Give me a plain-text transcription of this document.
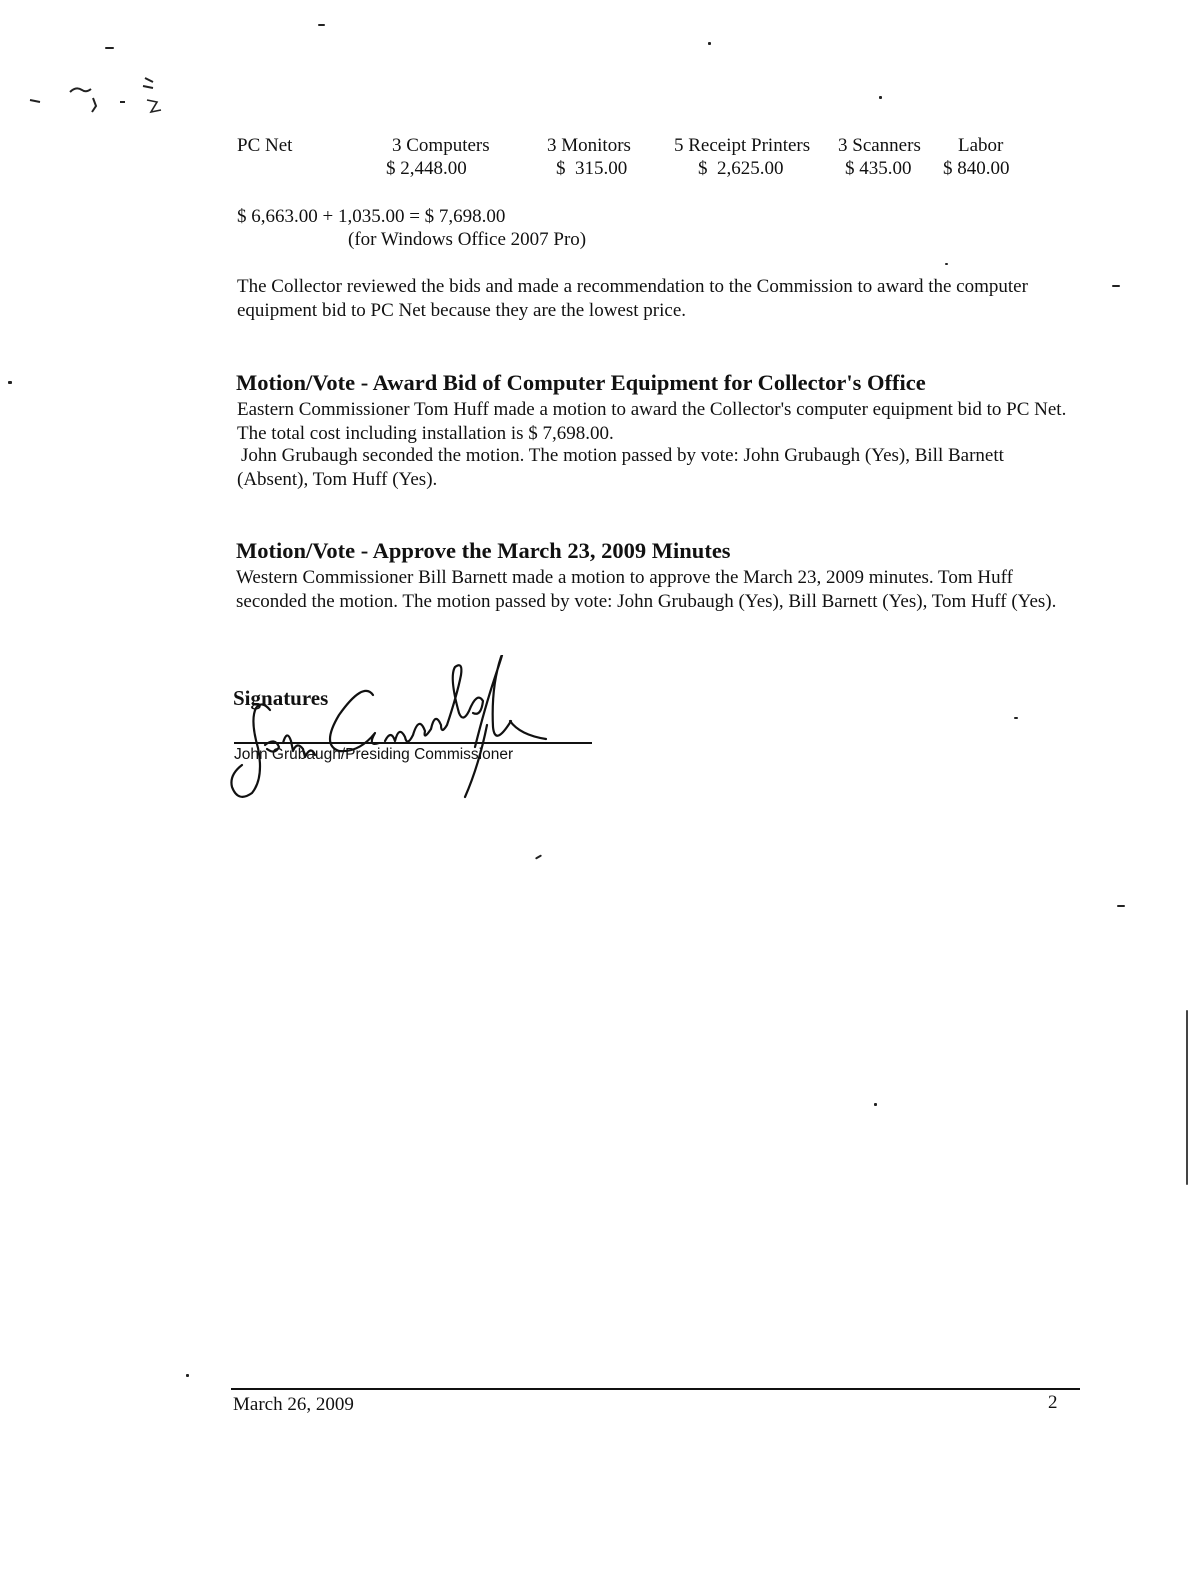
PC Net	3 Computers
$ 2,448.00
3 Monitors
$  315.00
5 Receipt Printers
$  2,625.00
3 Scanners
$ 435.00
Labor
$ 840.00
$ 6,663.00 + 1,035.00 = $ 7,698.00
(for Windows Office 2007 Pro)
The Collector reviewed the bids and made a recommendation to the Commission to award the computer equipment bid to PC Net because they are the lowest price.
Motion/Vote - Award Bid of Computer Equipment for Collector's Office
Eastern Commissioner Tom Huff made a motion to award the Collector's computer equipment bid to PC Net. The total cost including installation is $ 7,698.00.
John Grubaugh seconded the motion. The motion passed by vote: John Grubaugh (Yes), Bill Barnett (Absent), Tom Huff (Yes).
Motion/Vote - Approve the March 23, 2009 Minutes
Western Commissioner Bill Barnett made a motion to approve the March 23, 2009 minutes. Tom Huff seconded the motion. The motion passed by vote: John Grubaugh (Yes), Bill Barnett (Yes), Tom Huff (Yes).
Signatures
John Grubaugh/Presiding Commissioner
March 26, 2009	2
